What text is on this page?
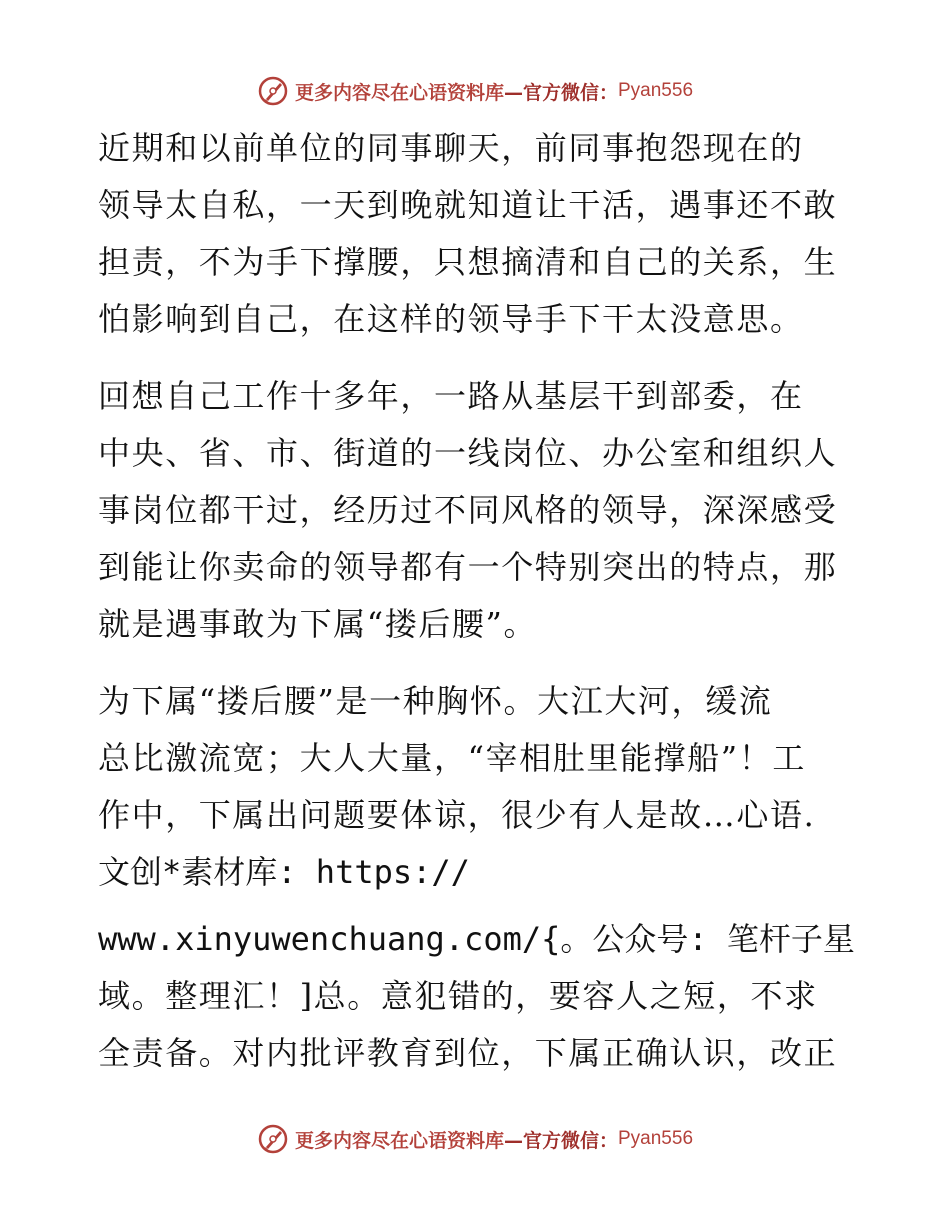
更多内容尽在心语资料库 —官方微信： Pyan556
近期和以前单位的同事聊天，前同事抱怨现在的
领导太自私，一天到晚就知道让干活，遇事还不敢
担责，不为手下撑腰，只想摘清和自己的关系，生
怕影响到自己，在这样的领导手下干太没意思。
回想自己工作十多年，一路从基层干到部委，在
中央、省、市、街道的一线岗位、办公室和组织人
事岗位都干过，经历过不同风格的领导，深深感受
到能让你卖命的领导都有一个特别突出的特点，那
就是遇事敢为下属“搂后腰”。
为下属“搂后腰”是一种胸怀。大江大河，缓流
总比激流宽；大人大量，“宰相肚里能撑船”！工
作中，下属出问题要体谅，很少有人是故…心语.
文创*素材库: https://
www.xinyuwenchuang.com/{。公众号: 笔杆子星
域。整理汇！]总。意犯错的，要容人之短，不求
全责备。对内批评教育到位，下属正确认识，改正
更多内容尽在心语资料库 —官方微信： Pyan556
